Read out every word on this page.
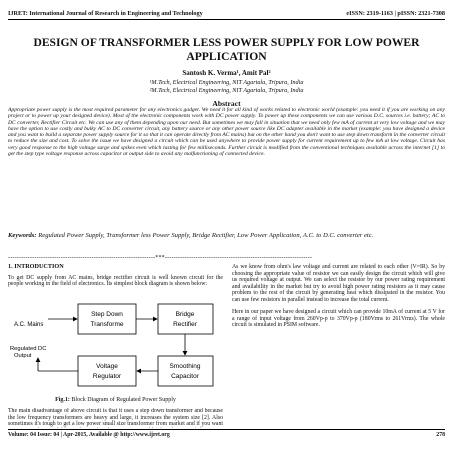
IJRET: International Journal of Research in Engineering and Technology	eISSN: 2319-1163 | pISSN: 2321-7308
DESIGN OF TRANSFORMER LESS POWER SUPPLY FOR LOW POWER APPLICATION
Santosh K. Verma¹, Amit Pal²
¹M.Tech, Electrical Engineering, NIT Agartala, Tripura, India
²M.Tech, Electrical Engineering, NIT Agartala, Tripura, India
Abstract
Appropriate power supply is the most required parameter for any electronics gadget. We need it for all kind of works related to electronic world (example: you need it if you are working on any project or to power up your designed device). Most of the electronic components work with DC power supply. To power up these components we can use various D.C. sources i.e. battery; AC to DC converter, Rectifier Circuit etc. We can use any of them depending upon our need. But sometimes we may fall in situation that we need only few mA of current at very low voltage and we may have the option to use costly and bulky AC to DC converter circuit, any battery source or any other power source like DC adapter available in the market (example: you have designed a device and you want to build a separate power supply source for it so that it can operate directly from AC mains) but on the other hand you don't want to use step down transform in the converter circuit to reduce the size and cost. To solve the issue we have designed a circuit which can be used anywhere to provide power supply for current requirement up to few mA at low voltage. Circuit has very good response to the high voltage surge and spikes even which lasting for few milliseconds. Further circuit is modified from the conventional techniques available across the internet [1] to get the step type voltage response across capacitor at output side to avoid any malfunctioning of connected device.
Keywords: Regulated Power Supply, Transformer less Power Supply, Bridge Rectifier, Low Power Application, A.C. to D.C. converter etc.
-------------------------------------------------------------------***-------------------------------------------------------------------
1. INTRODUCTION
To get DC supply from AC mains, bridge rectifier circuit is well known circuit for the people working in the field of electronics. Its simplest block diagram is shown below:
Step Down
Transforme
Bridge
Rectifier
Voltage
Regulator
Smoothing
Capacitor
A.C. Mains
Regulated DC
Output
Fig.1: Block Diagram of Regulated Power Supply
The main disadvantage of above circuit is that it uses a step down transformer and because the low frequency transformers are heavy and large, it increases the system size [2]. Also sometimes it's tough to get a low power small size transformer from market and if you want
As we know from ohm's law voltage and current are related to each other (V=IR). So by choosing the appropriate value of resistor we can easily design the circuit which will give us required voltage at output. We can select the resistor by our power rating requirement and availability in the market but try to avoid high power rating resistors as it may cause problem to the rest of the circuit by generating heat which dissipated in the resistor. You can use few resistors in parallel instead to increase the total current.
Here in our paper we have designed a circuit which can provide 10mA of current at 5 V for a range of input voltage from 260Vp-p to 370Vp-p (180Vrms to 261Vrms). The whole circuit is simulated in PSIM software.
Volume: 04 Issue: 04 | Apr-2015, Available @ http://www.ijret.org	278
